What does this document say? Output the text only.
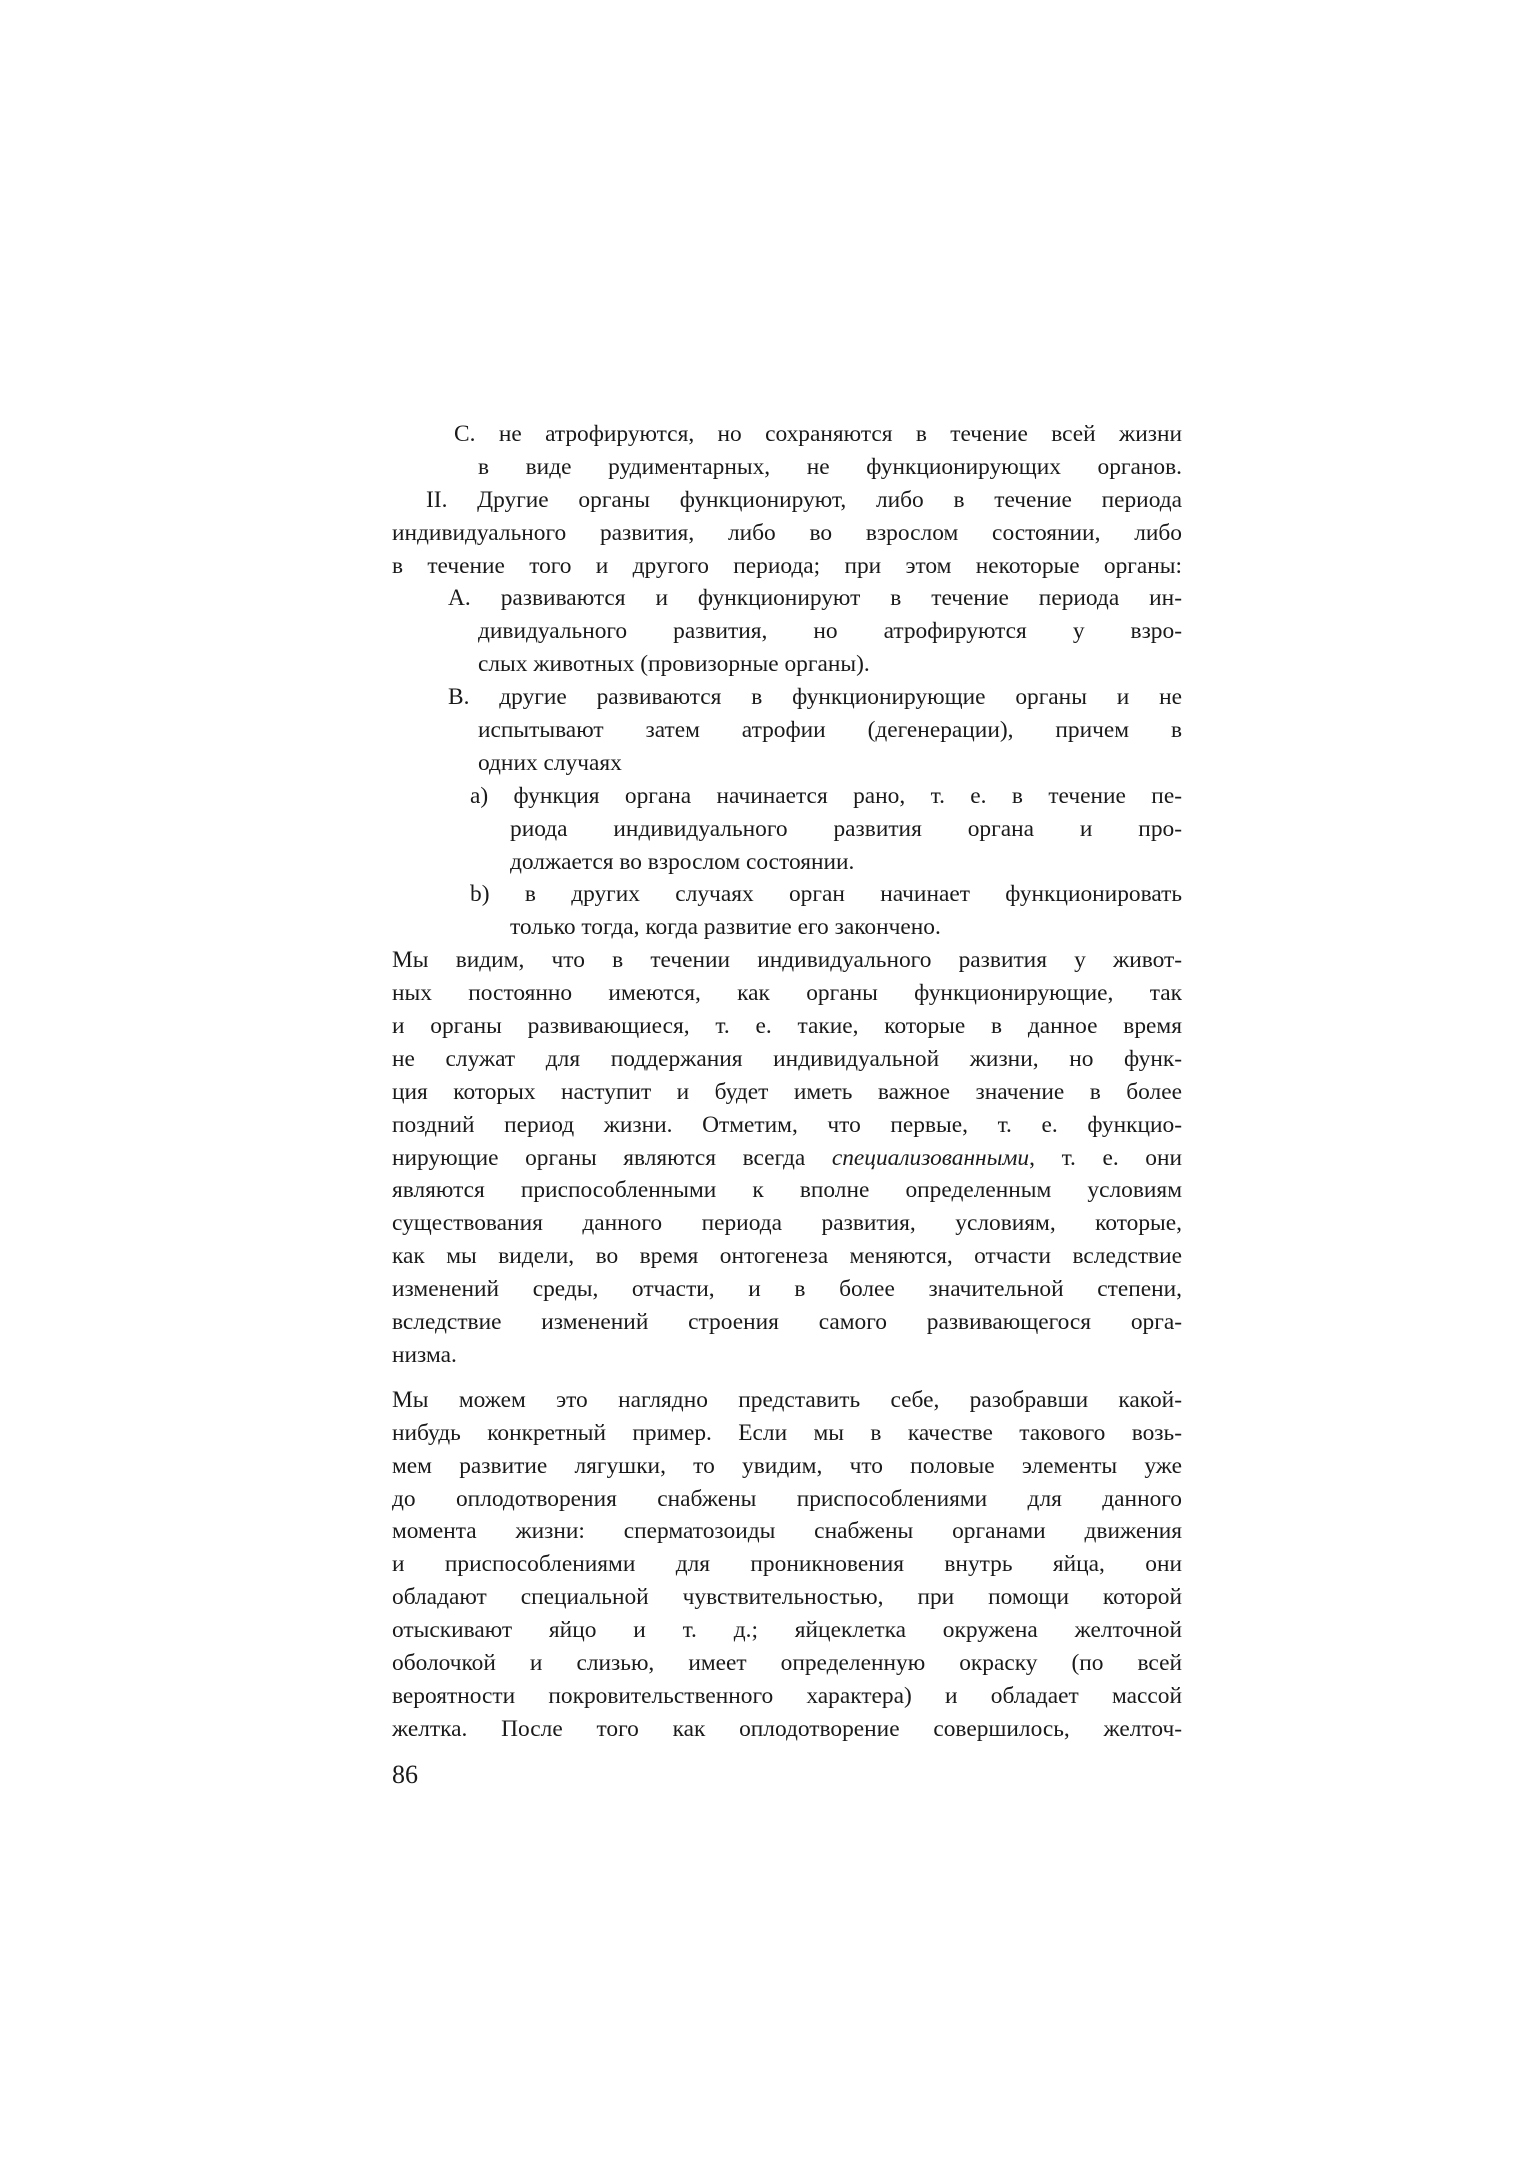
C. не атрофируются, но сохраняются в течение всей жизни
в виде рудиментарных, не функционирующих органов.
II. Другие органы функционируют, либо в течение периода
индивидуального развития, либо во взрослом состоянии, либо
в течение того и другого периода; при этом некоторые органы:
A. развиваются и функционируют в течение периода ин-
дивидуального развития, но атрофируются у взро-
слых животных (провизорные органы).
B. другие развиваются в функционирующие органы и не
испытывают затем атрофии (дегенерации), причем в
одних случаях
a) функция органа начинается рано, т. е. в течение пе-
риода индивидуального развития органа и про-
должается во взрослом состоянии.
b) в других случаях орган начинает функционировать
только тогда, когда развитие его закончено.
Мы видим, что в течении индивидуального развития у живот-
ных постоянно имеются, как органы функционирующие, так
и органы развивающиеся, т. е. такие, которые в данное время
не служат для поддержания индивидуальной жизни, но функ-
ция которых наступит и будет иметь важное значение в более
поздний период жизни. Отметим, что первые, т. е. функцио-
нирующие органы являются всегда специализованными, т. е. они
являются приспособленными к вполне определенным условиям
существования данного периода развития, условиям, которые,
как мы видели, во время онтогенеза меняются, отчасти вследствие
изменений среды, отчасти, и в более значительной степени,
вследствие изменений строения самого развивающегося орга-
низма.
Мы можем это наглядно представить себе, разобравши какой-
нибудь конкретный пример. Если мы в качестве такового возь-
мем развитие лягушки, то увидим, что половые элементы уже
до оплодотворения снабжены приспособлениями для данного
момента жизни: сперматозоиды снабжены органами движения
и приспособлениями для проникновения внутрь яйца, они
обладают специальной чувствительностью, при помощи которой
отыскивают яйцо и т. д.; яйцеклетка окружена желточной
оболочкой и слизью, имеет определенную окраску (по всей
вероятности покровительственного характера) и обладает массой
желтка. После того как оплодотворение совершилось, желточ-
86
